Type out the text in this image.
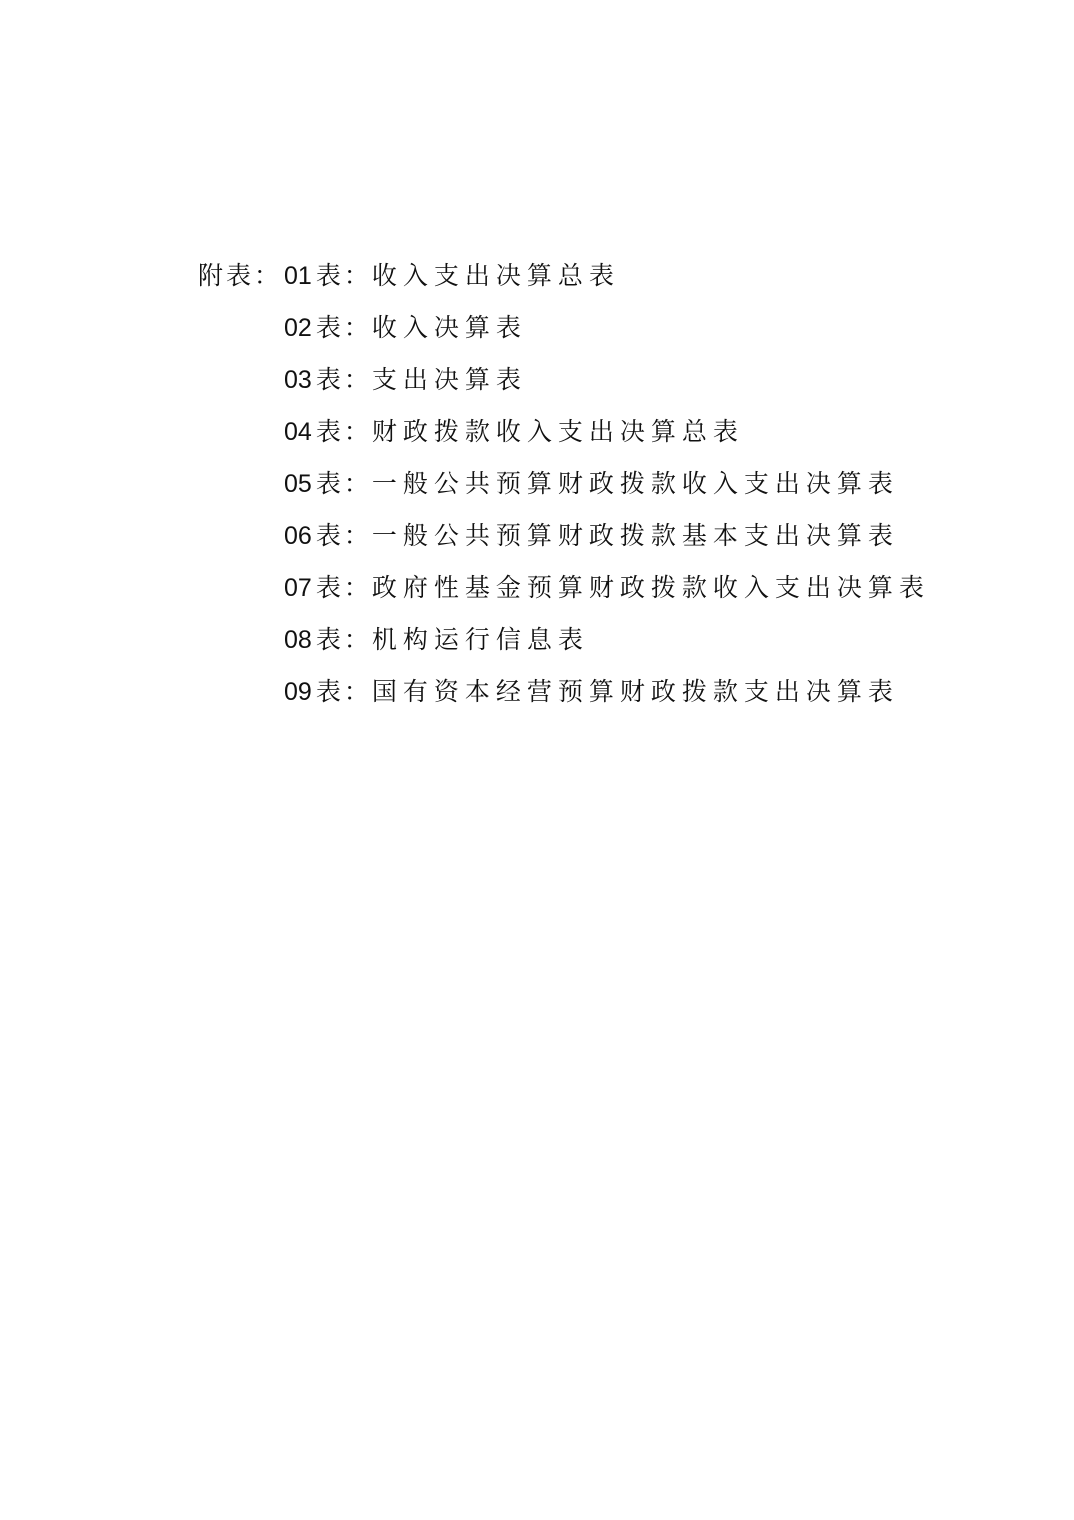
附表： 01 表： 收入支出决算总表
02 表： 收入决算表
03 表： 支出决算表
04 表： 财政拨款收入支出决算总表
05 表： 一般公共预算财政拨款收入支出决算表
06 表： 一般公共预算财政拨款基本支出决算表
07 表： 政府性基金预算财政拨款收入支出决算表
08 表： 机构运行信息表
09 表： 国有资本经营预算财政拨款支出决算表
